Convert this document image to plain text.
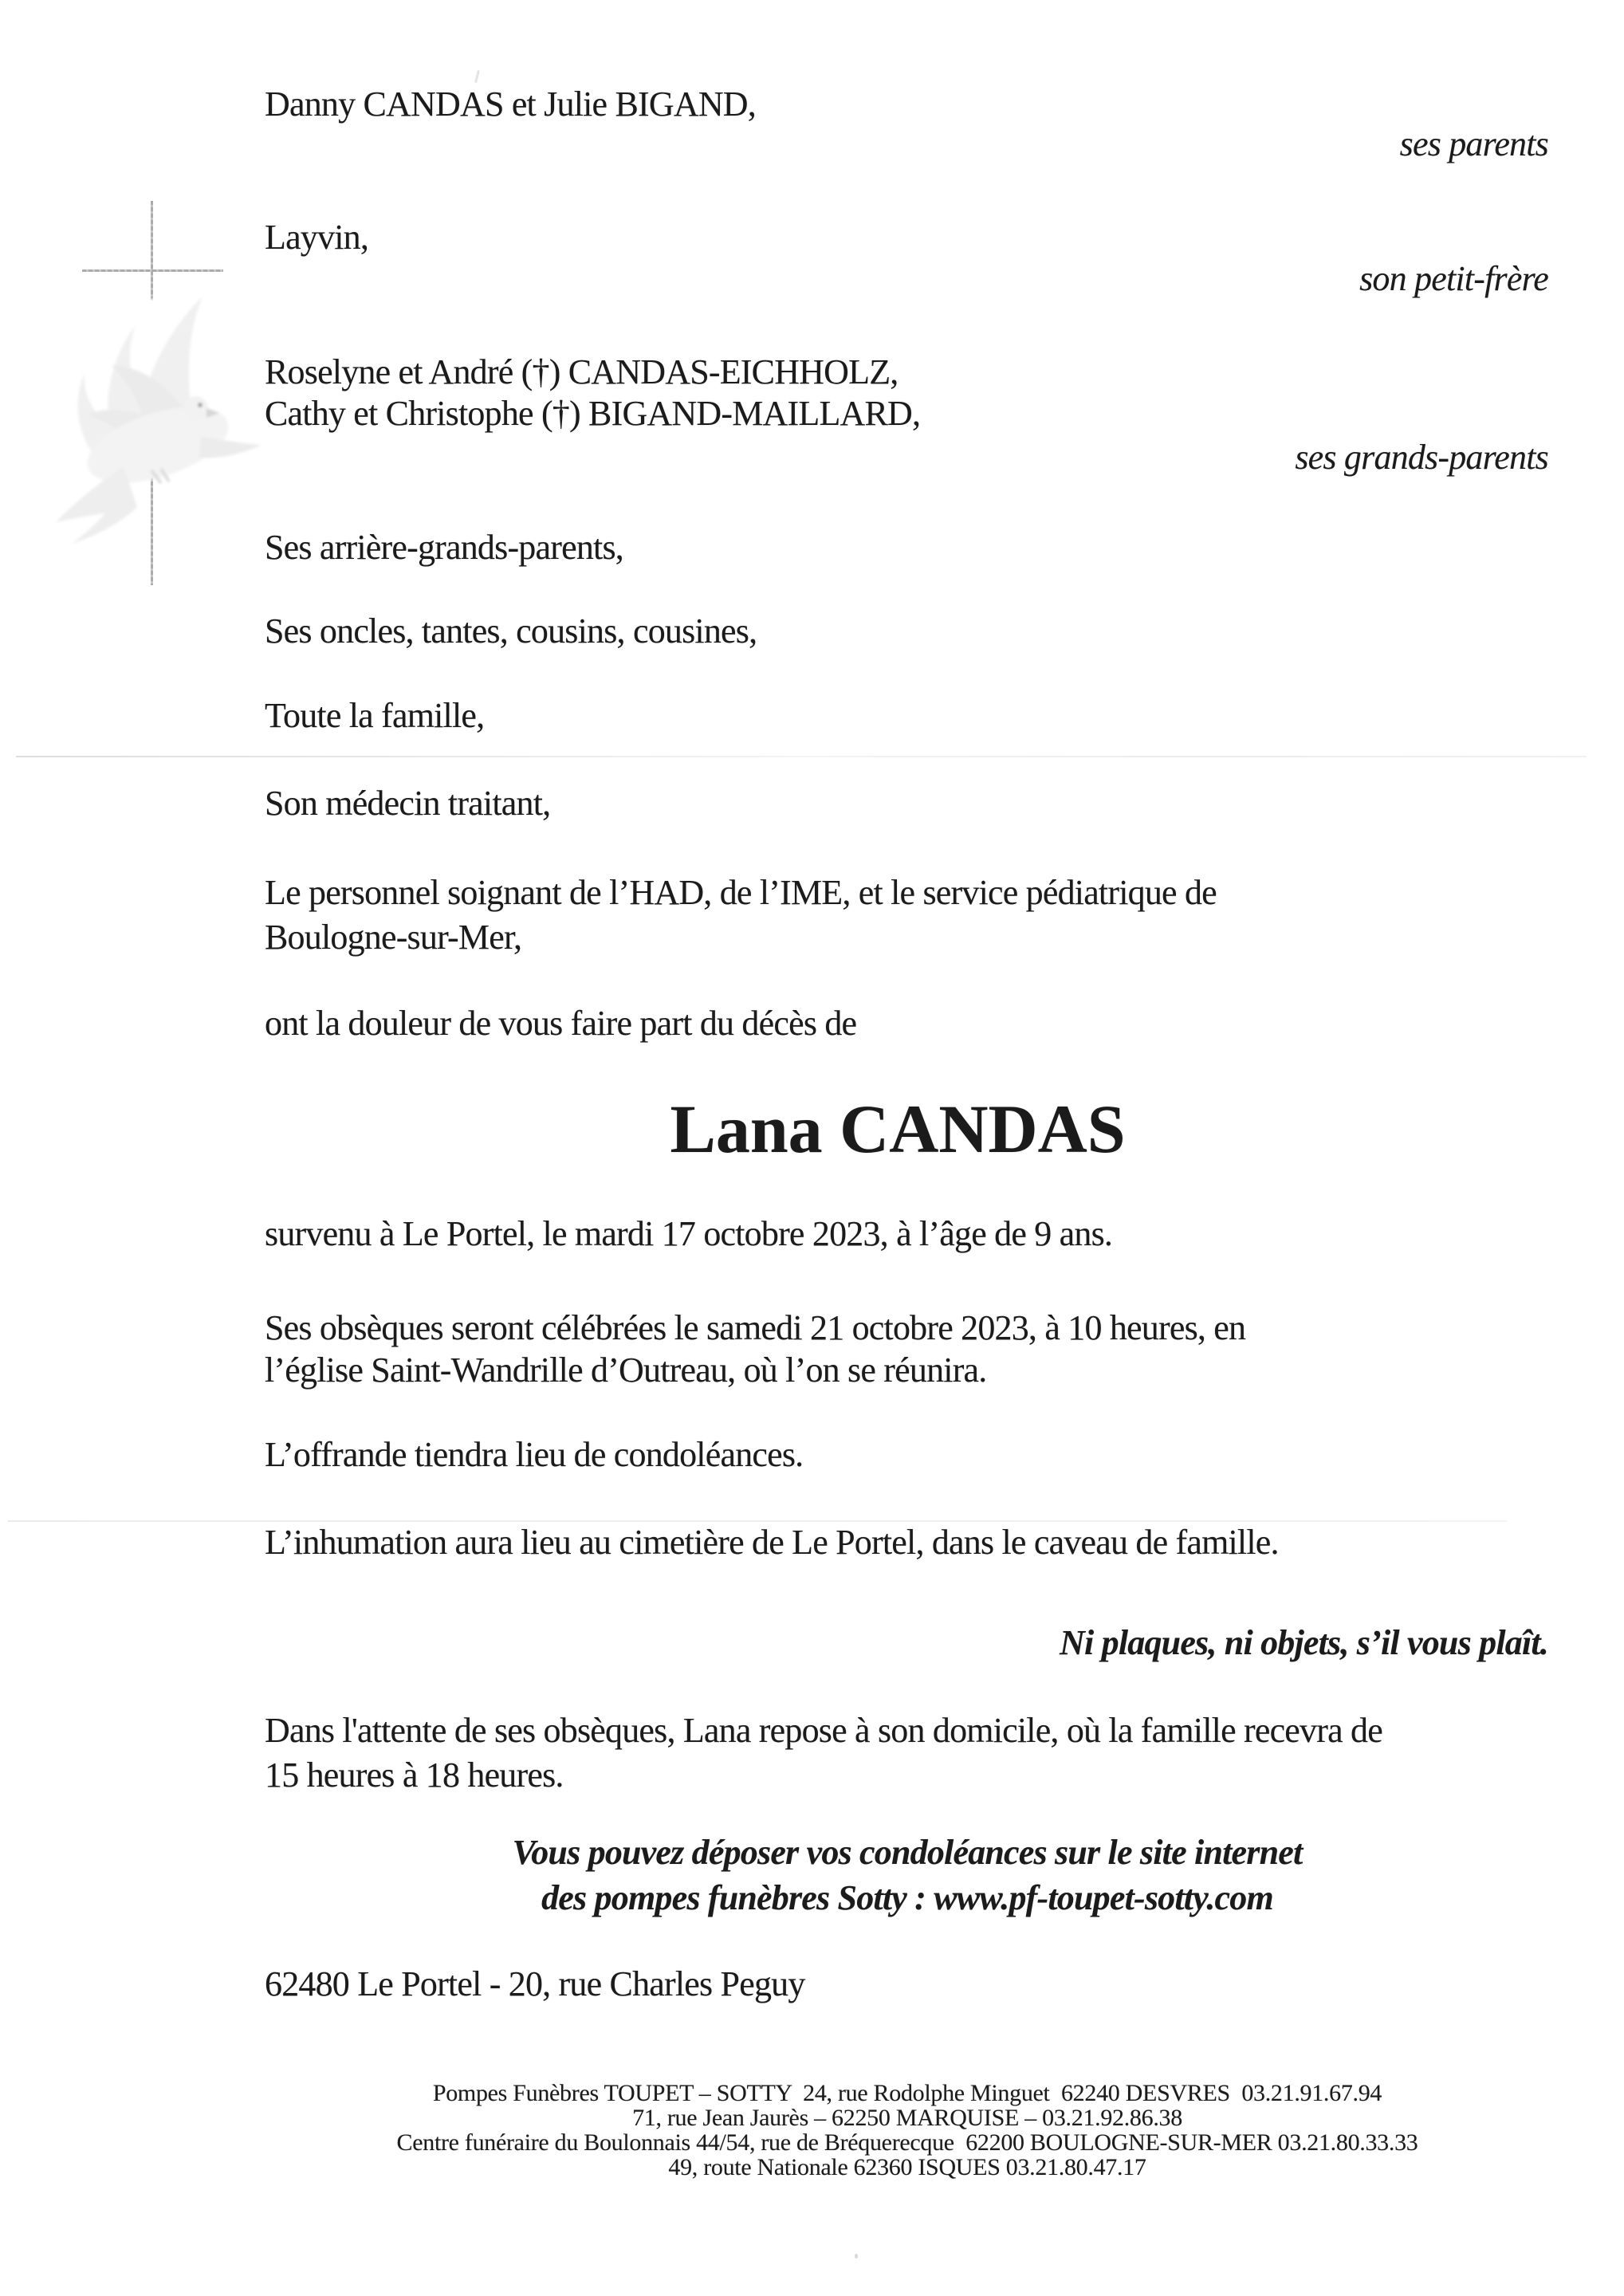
Danny CANDAS et Julie BIGAND,
ses parents
Layvin,
son petit-frère
Roselyne et André (†) CANDAS-EICHHOLZ,
Cathy et Christophe (†) BIGAND-MAILLARD,
ses grands-parents
Ses arrière-grands-parents,
Ses oncles, tantes, cousins, cousines,
Toute la famille,
Son médecin traitant,
Le personnel soignant de l’HAD, de l’IME, et le service pédiatrique de
Boulogne-sur-Mer,
ont la douleur de vous faire part du décès de
Lana CANDAS
survenu à Le Portel, le mardi 17 octobre 2023, à l’âge de 9 ans.
Ses obsèques seront célébrées le samedi 21 octobre 2023, à 10 heures, en
l’église Saint-Wandrille d’Outreau, où l’on se réunira.
L’offrande tiendra lieu de condoléances.
L’inhumation aura lieu au cimetière de Le Portel, dans le caveau de famille.
Ni plaques, ni objets, s’il vous plaît.
Dans l'attente de ses obsèques, Lana repose à son domicile, où la famille recevra de
15 heures à 18 heures.
Vous pouvez déposer vos condoléances sur le site internet
des pompes funèbres Sotty : www.pf-toupet-sotty.com
62480 Le Portel - 20, rue Charles Peguy
Pompes Funèbres TOUPET – SOTTY  24, rue Rodolphe Minguet  62240 DESVRES  03.21.91.67.94
71, rue Jean Jaurès – 62250 MARQUISE – 03.21.92.86.38
Centre funéraire du Boulonnais 44/54, rue de Bréquerecque  62200 BOULOGNE-SUR-MER 03.21.80.33.33
49, route Nationale 62360 ISQUES 03.21.80.47.17
